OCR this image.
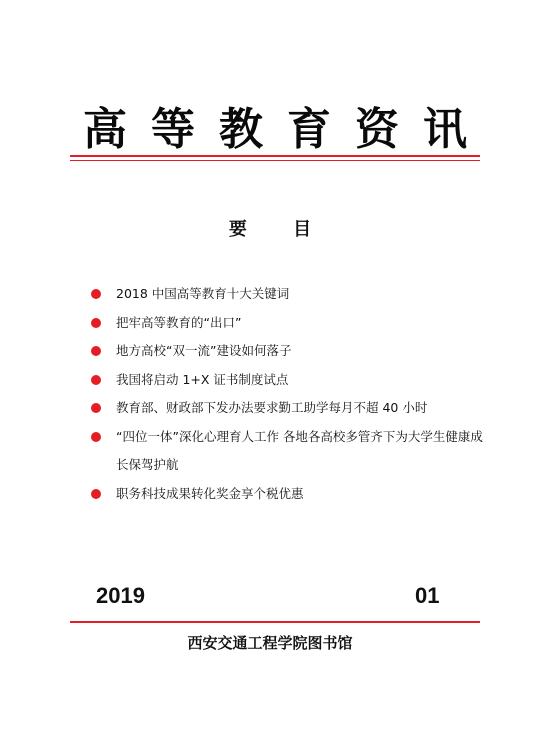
高等教育资讯
要 目
2018 中国高等教育十大关键词
把牢高等教育的“出口”
地方高校“双一流”建设如何落子
我国将启动 1+X 证书制度试点
教育部、财政部下发办法要求勤工助学每月不超 40 小时
“四位一体”深化心理育人工作 各地各高校多管齐下为大学生健康成长保驾护航
职务科技成果转化奖金享个税优惠
2019	01
西安交通工程学院图书馆
